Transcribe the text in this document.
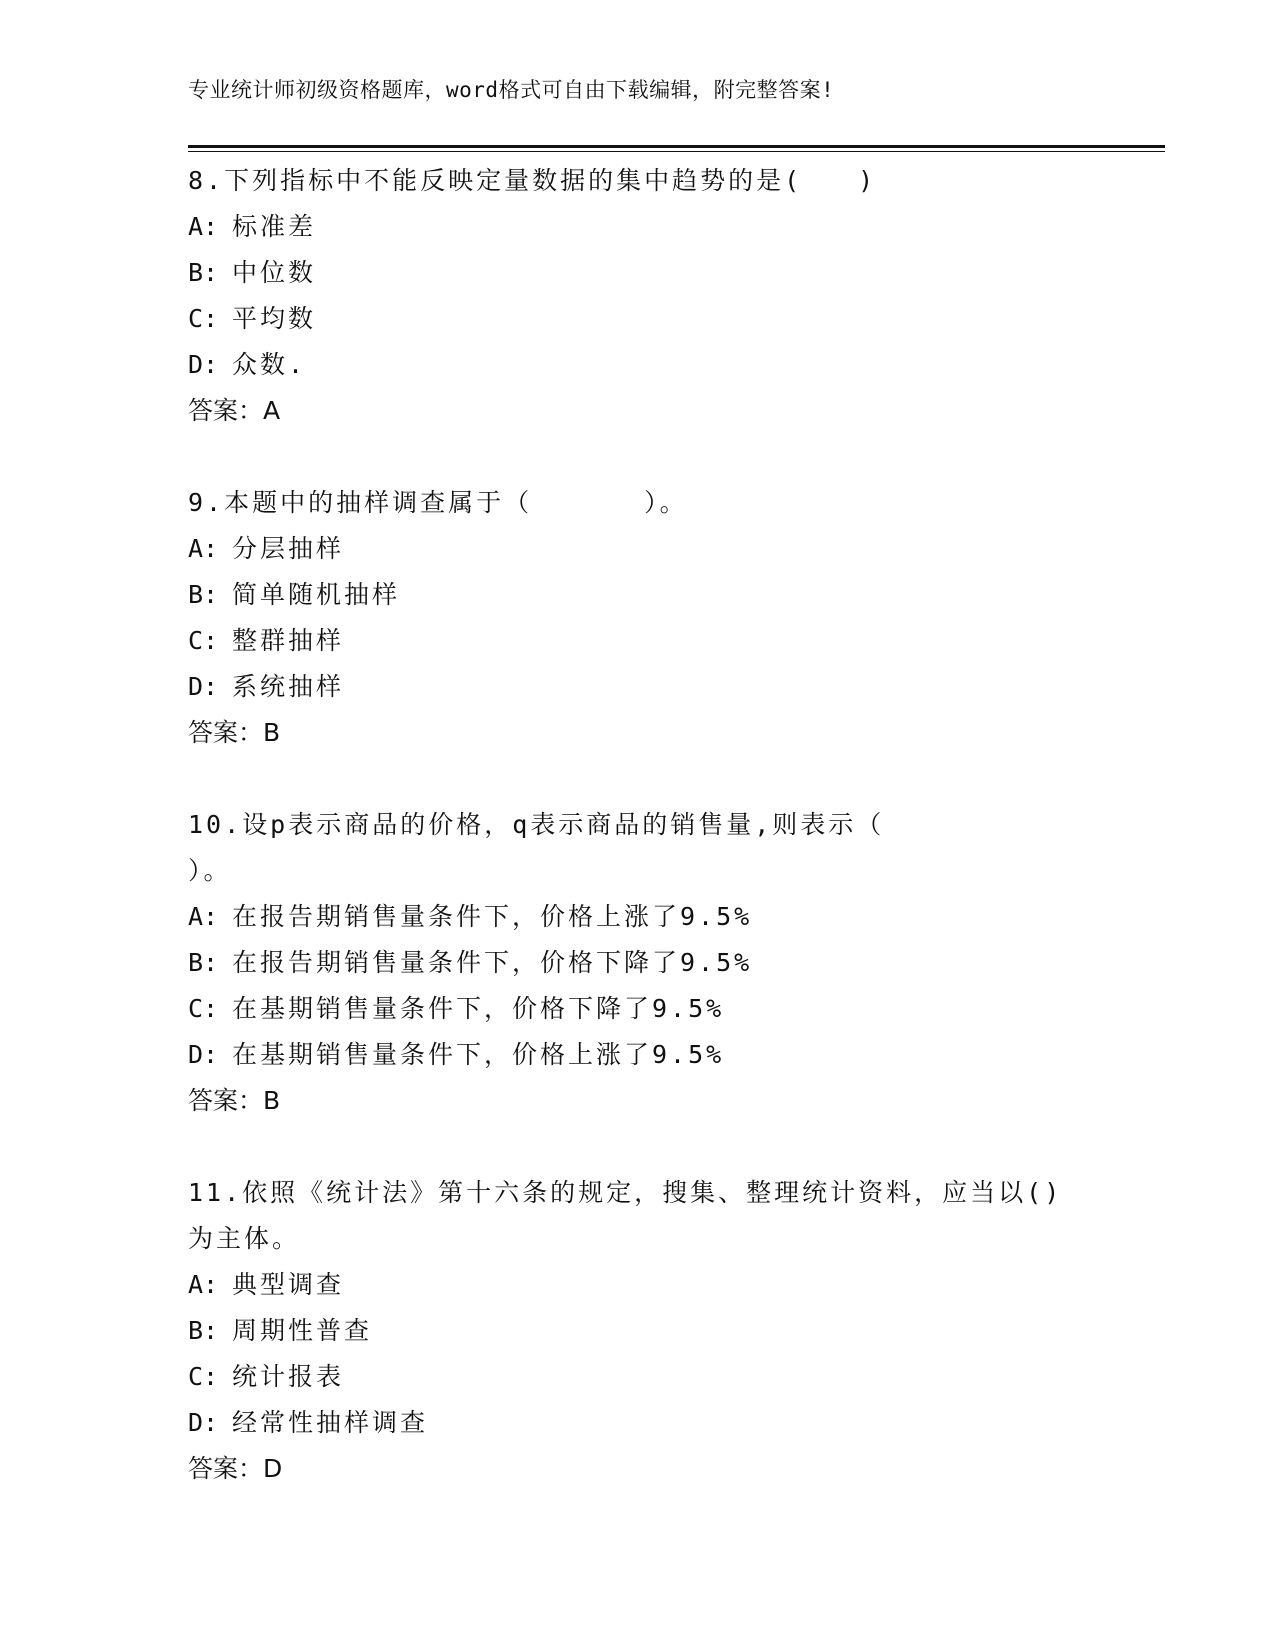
专业统计师初级资格题库，word格式可自由下载编辑，附完整答案!
8.下列指标中不能反映定量数据的集中趋势的是(　　)
A: 标准差
B: 中位数
C: 平均数
D: 众数.
答案：A
9.本题中的抽样调查属于（　　　　）。
A: 分层抽样
B: 简单随机抽样
C: 整群抽样
D: 系统抽样
答案：B
10.设p表示商品的价格，q表示商品的销售量,则表示（
）。
A: 在报告期销售量条件下，价格上涨了9.5%
B: 在报告期销售量条件下，价格下降了9.5%
C: 在基期销售量条件下，价格下降了9.5%
D: 在基期销售量条件下，价格上涨了9.5%
答案：B
11.依照《统计法》第十六条的规定，搜集、整理统计资料，应当以()
为主体。
A: 典型调查
B: 周期性普查
C: 统计报表
D: 经常性抽样调查
答案：D
